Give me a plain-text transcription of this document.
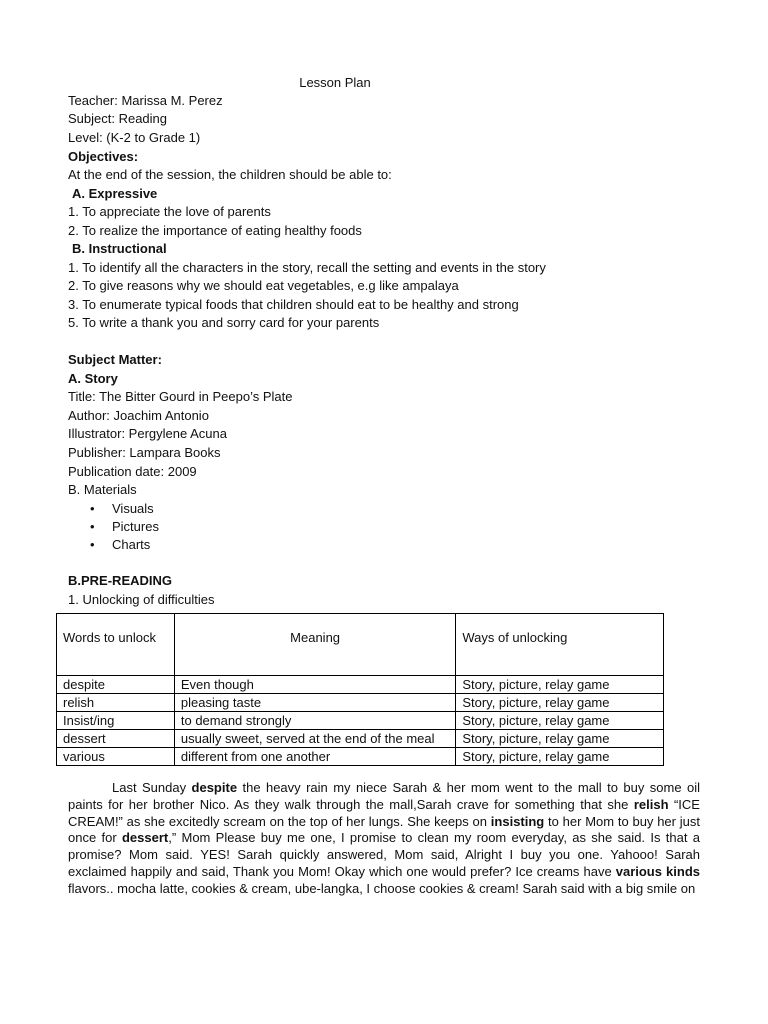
Lesson Plan
Teacher: Marissa M. Perez
Subject: Reading
Level: (K-2 to Grade 1)
Objectives:
At the end of the session, the children should be able to:
A. Expressive
1. To appreciate the love of parents
2. To realize the importance of eating healthy foods
B. Instructional
1. To identify all the characters in the story, recall the setting and events in the story
2. To give reasons why we should eat vegetables, e.g like ampalaya
3. To enumerate typical foods that children should eat to be healthy and strong
5. To write a thank you and sorry card for your parents
Subject Matter:
A. Story
Title: The Bitter Gourd in Peepo’s Plate
Author: Joachim Antonio
Illustrator: Pergylene Acuna
Publisher: Lampara Books
Publication date: 2009
B. Materials
• Visuals
• Pictures
• Charts
B.PRE-READING
1. Unlocking of difficulties
Words to unlock	Meaning	Ways of unlocking
despite	Even though	Story, picture, relay game
relish	pleasing taste	Story, picture, relay game
Insist/ing	to demand strongly	Story, picture, relay game
dessert	usually sweet, served at the end of the meal	Story, picture, relay game
various	different from one another	Story, picture, relay game
Last Sunday despite the heavy rain my niece Sarah & her mom went to the mall to buy some oil paints for her brother Nico. As they walk through the mall,Sarah crave for something that she relish “ICE CREAM!” as she excitedly scream on the top of her lungs. She keeps on insisting to her Mom to buy her just once for dessert,” Mom Please buy me one, I promise to clean my room everyday, as she said. Is that a promise? Mom said. YES! Sarah quickly answered, Mom said, Alright I buy you one. Yahooo! Sarah exclaimed happily and said, Thank you Mom! Okay which one would prefer? Ice creams have various kinds flavors.. mocha latte, cookies & cream, ube-langka, I choose cookies & cream! Sarah said with a big smile on
